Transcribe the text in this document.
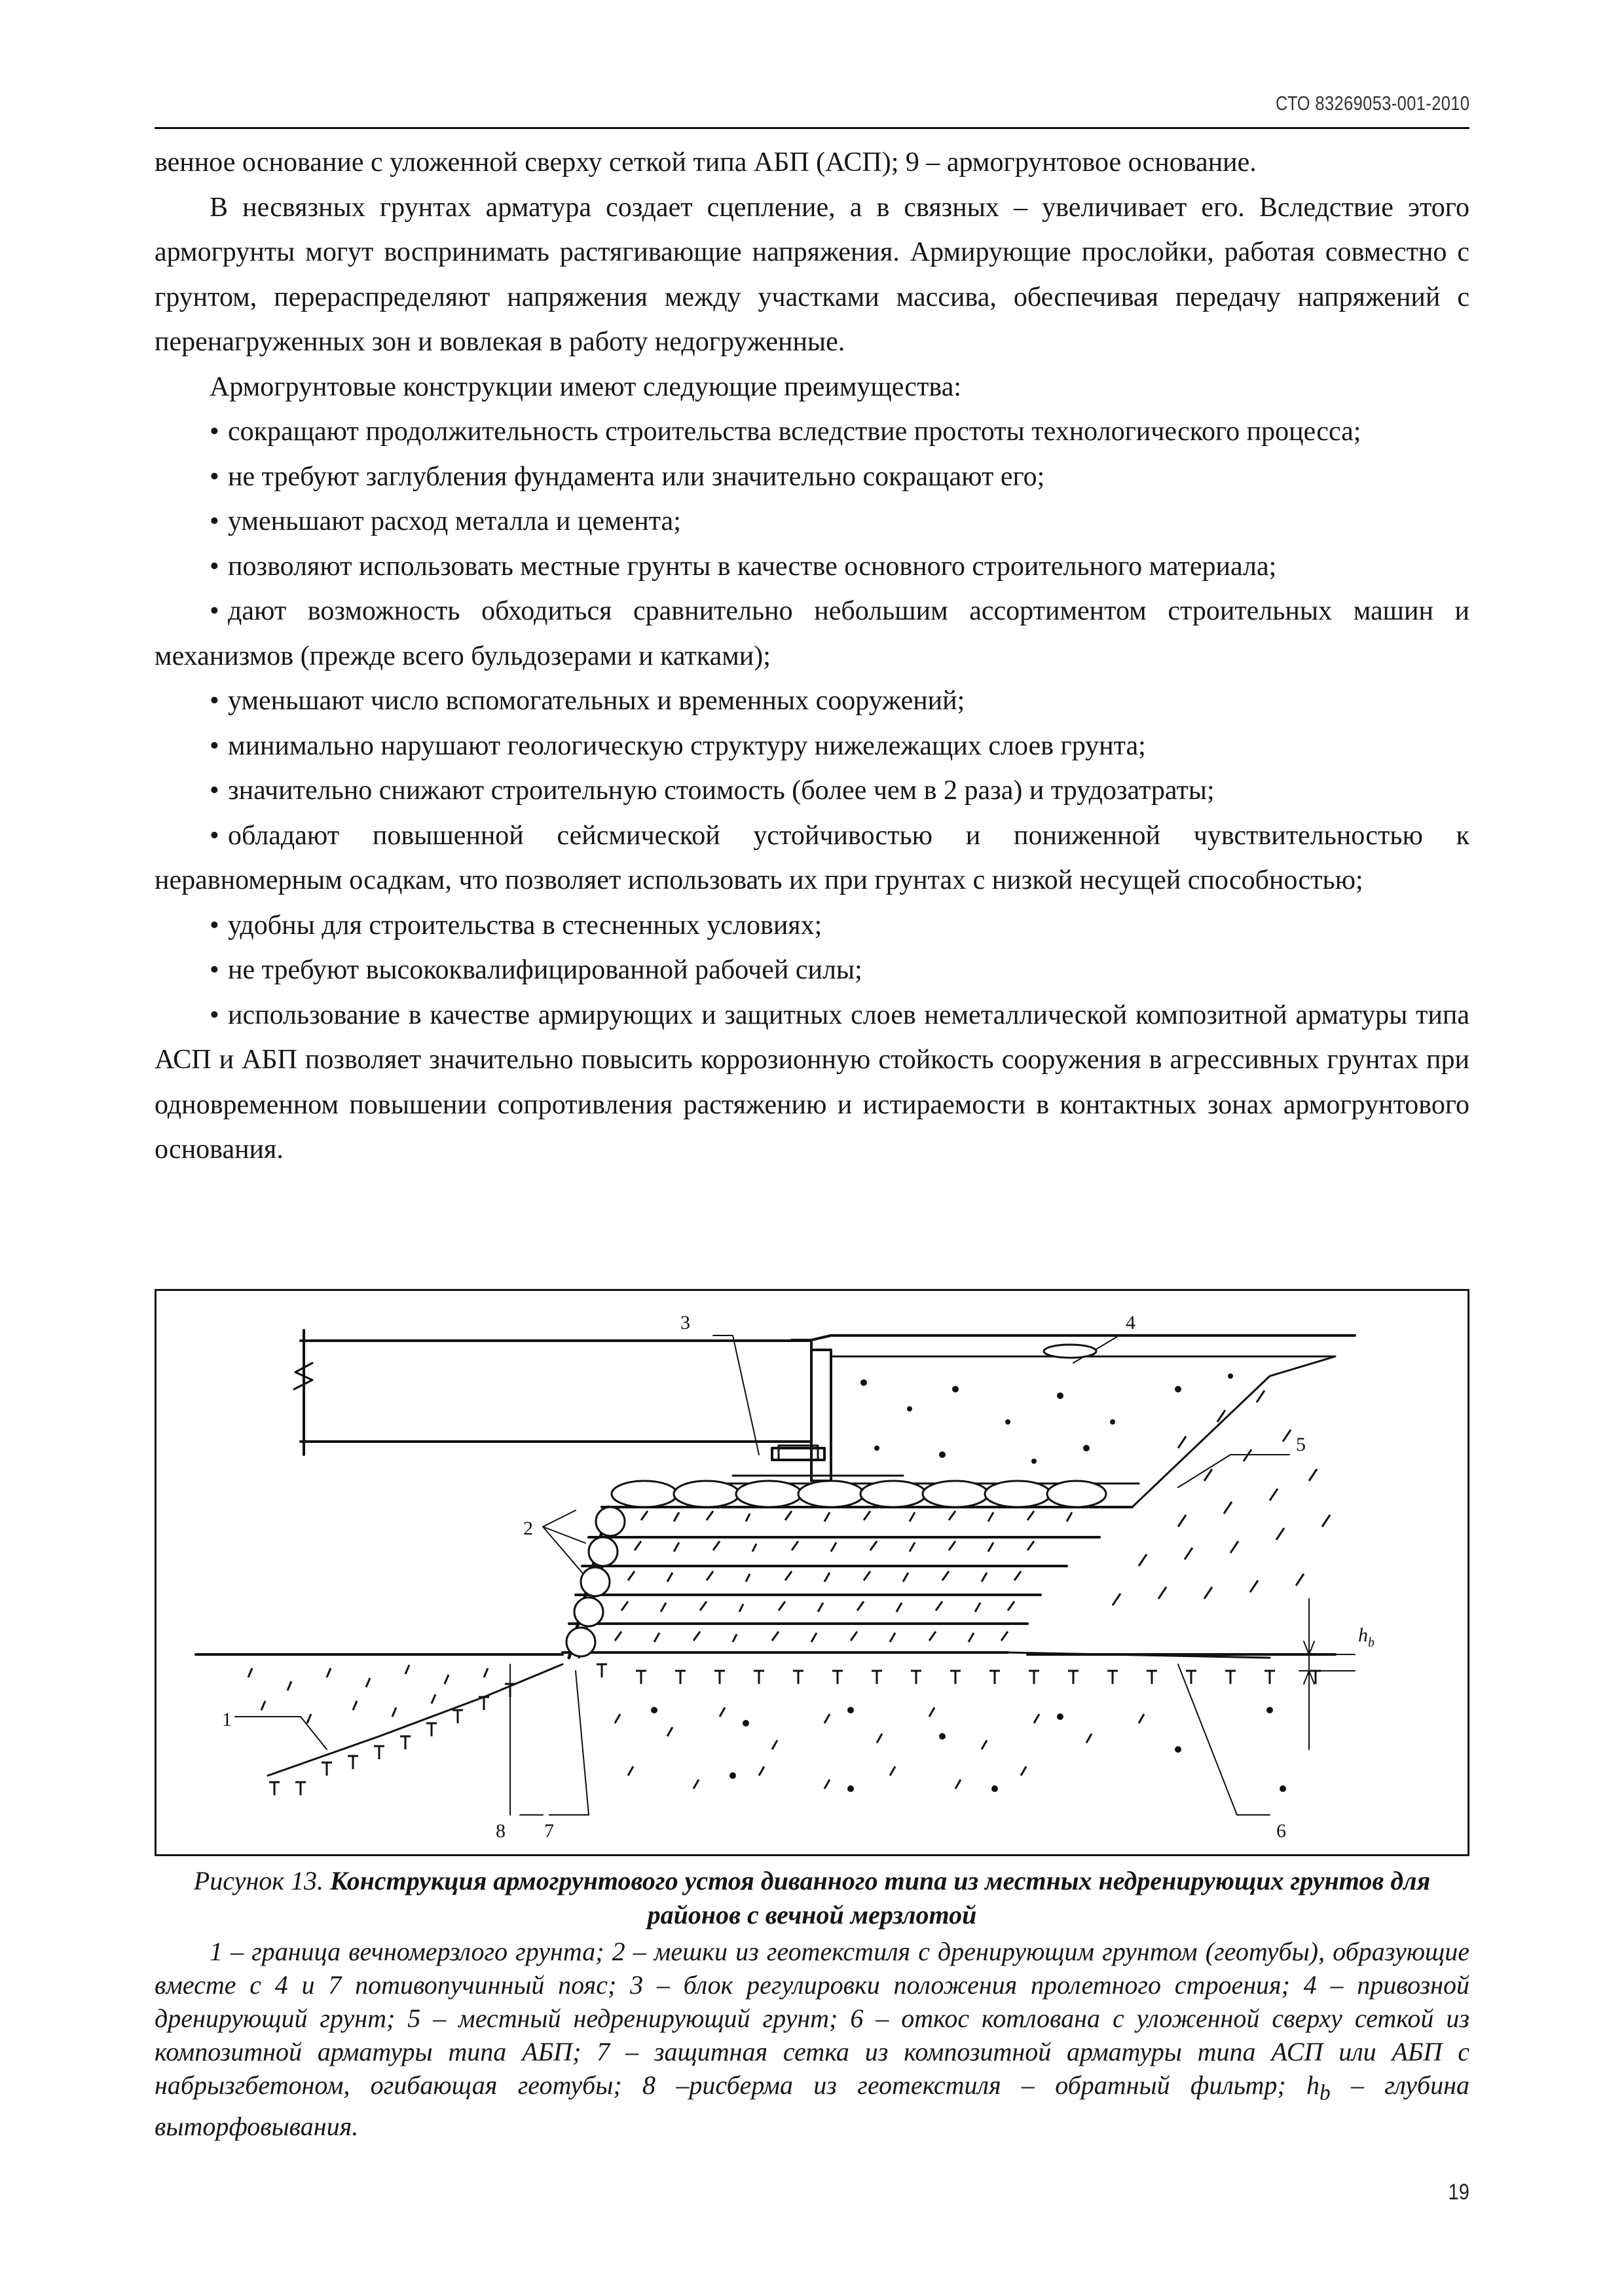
СТО 83269053-001-2010

венное основание с уложенной сверху сеткой типа АБП (АСП); 9 – армогрунтовое основание.

В несвязных грунтах арматура создает сцепление, а в связных – увеличивает его. Вследствие этого армогрунты могут воспринимать растягивающие напряжения. Армирующие прослойки, работая совместно с грунтом, перераспределяют напряжения между участками массива, обеспечивая передачу напряжений с перенагруженных зон и вовлекая в работу недогруженные.

Армогрунтовые конструкции имеют следующие преимущества:

• сокращают продолжительность строительства вследствие простоты технологического процесса;

• не требуют заглубления фундамента или значительно сокращают его;

• уменьшают расход металла и цемента;

• позволяют использовать местные грунты в качестве основного строительного материала;

• дают возможность обходиться сравнительно небольшим ассортиментом строительных машин и механизмов (прежде всего бульдозерами и катками);

• уменьшают число вспомогательных и временных сооружений;

• минимально нарушают геологическую структуру нижележащих слоев грунта;

• значительно снижают строительную стоимость (более чем в 2 раза) и трудозатраты;

• обладают повышенной сейсмической устойчивостью и пониженной чувствительностью к неравномерным осадкам, что позволяет использовать их при грунтах с низкой несущей способностью;

• удобны для строительства в стесненных условиях;

• не требуют высококвалифицированной рабочей силы;

• использование в качестве армирующих и защитных слоев неметаллической композитной арматуры типа АСП и АБП позволяет значительно повысить коррозионную стойкость сооружения в агрессивных грунтах при одновременном повышении сопротивления растяжению и истираемости в контактных зонах армогрунтового основания.

3	4
5
2
1
8 7	6
$h_b$
Рисунок 13. Конструкция армогрунтового устоя диванного типа из местных недренирующих грунтов для районов с вечной мерзлотой
1 – граница вечномерзлого грунта; 2 – мешки из геотекстиля с дренирующим грунтом (геотубы), образующие вместе с 4 и 7 потивопучинный пояс; 3 – блок регулировки положения пролетного строения; 4 – привозной дренирующий грунт; 5 – местный недренирующий грунт; 6 – откос котлована с уложенной сверху сеткой из композитной арматуры типа АБП; 7 – защитная сетка из композитной арматуры типа АСП или АБП с набрызгбетоном, огибающая геотубы; 8 –рисберма из геотекстиля – обратный фильтр; $h_b$ – глубина выторфовывания.
19
